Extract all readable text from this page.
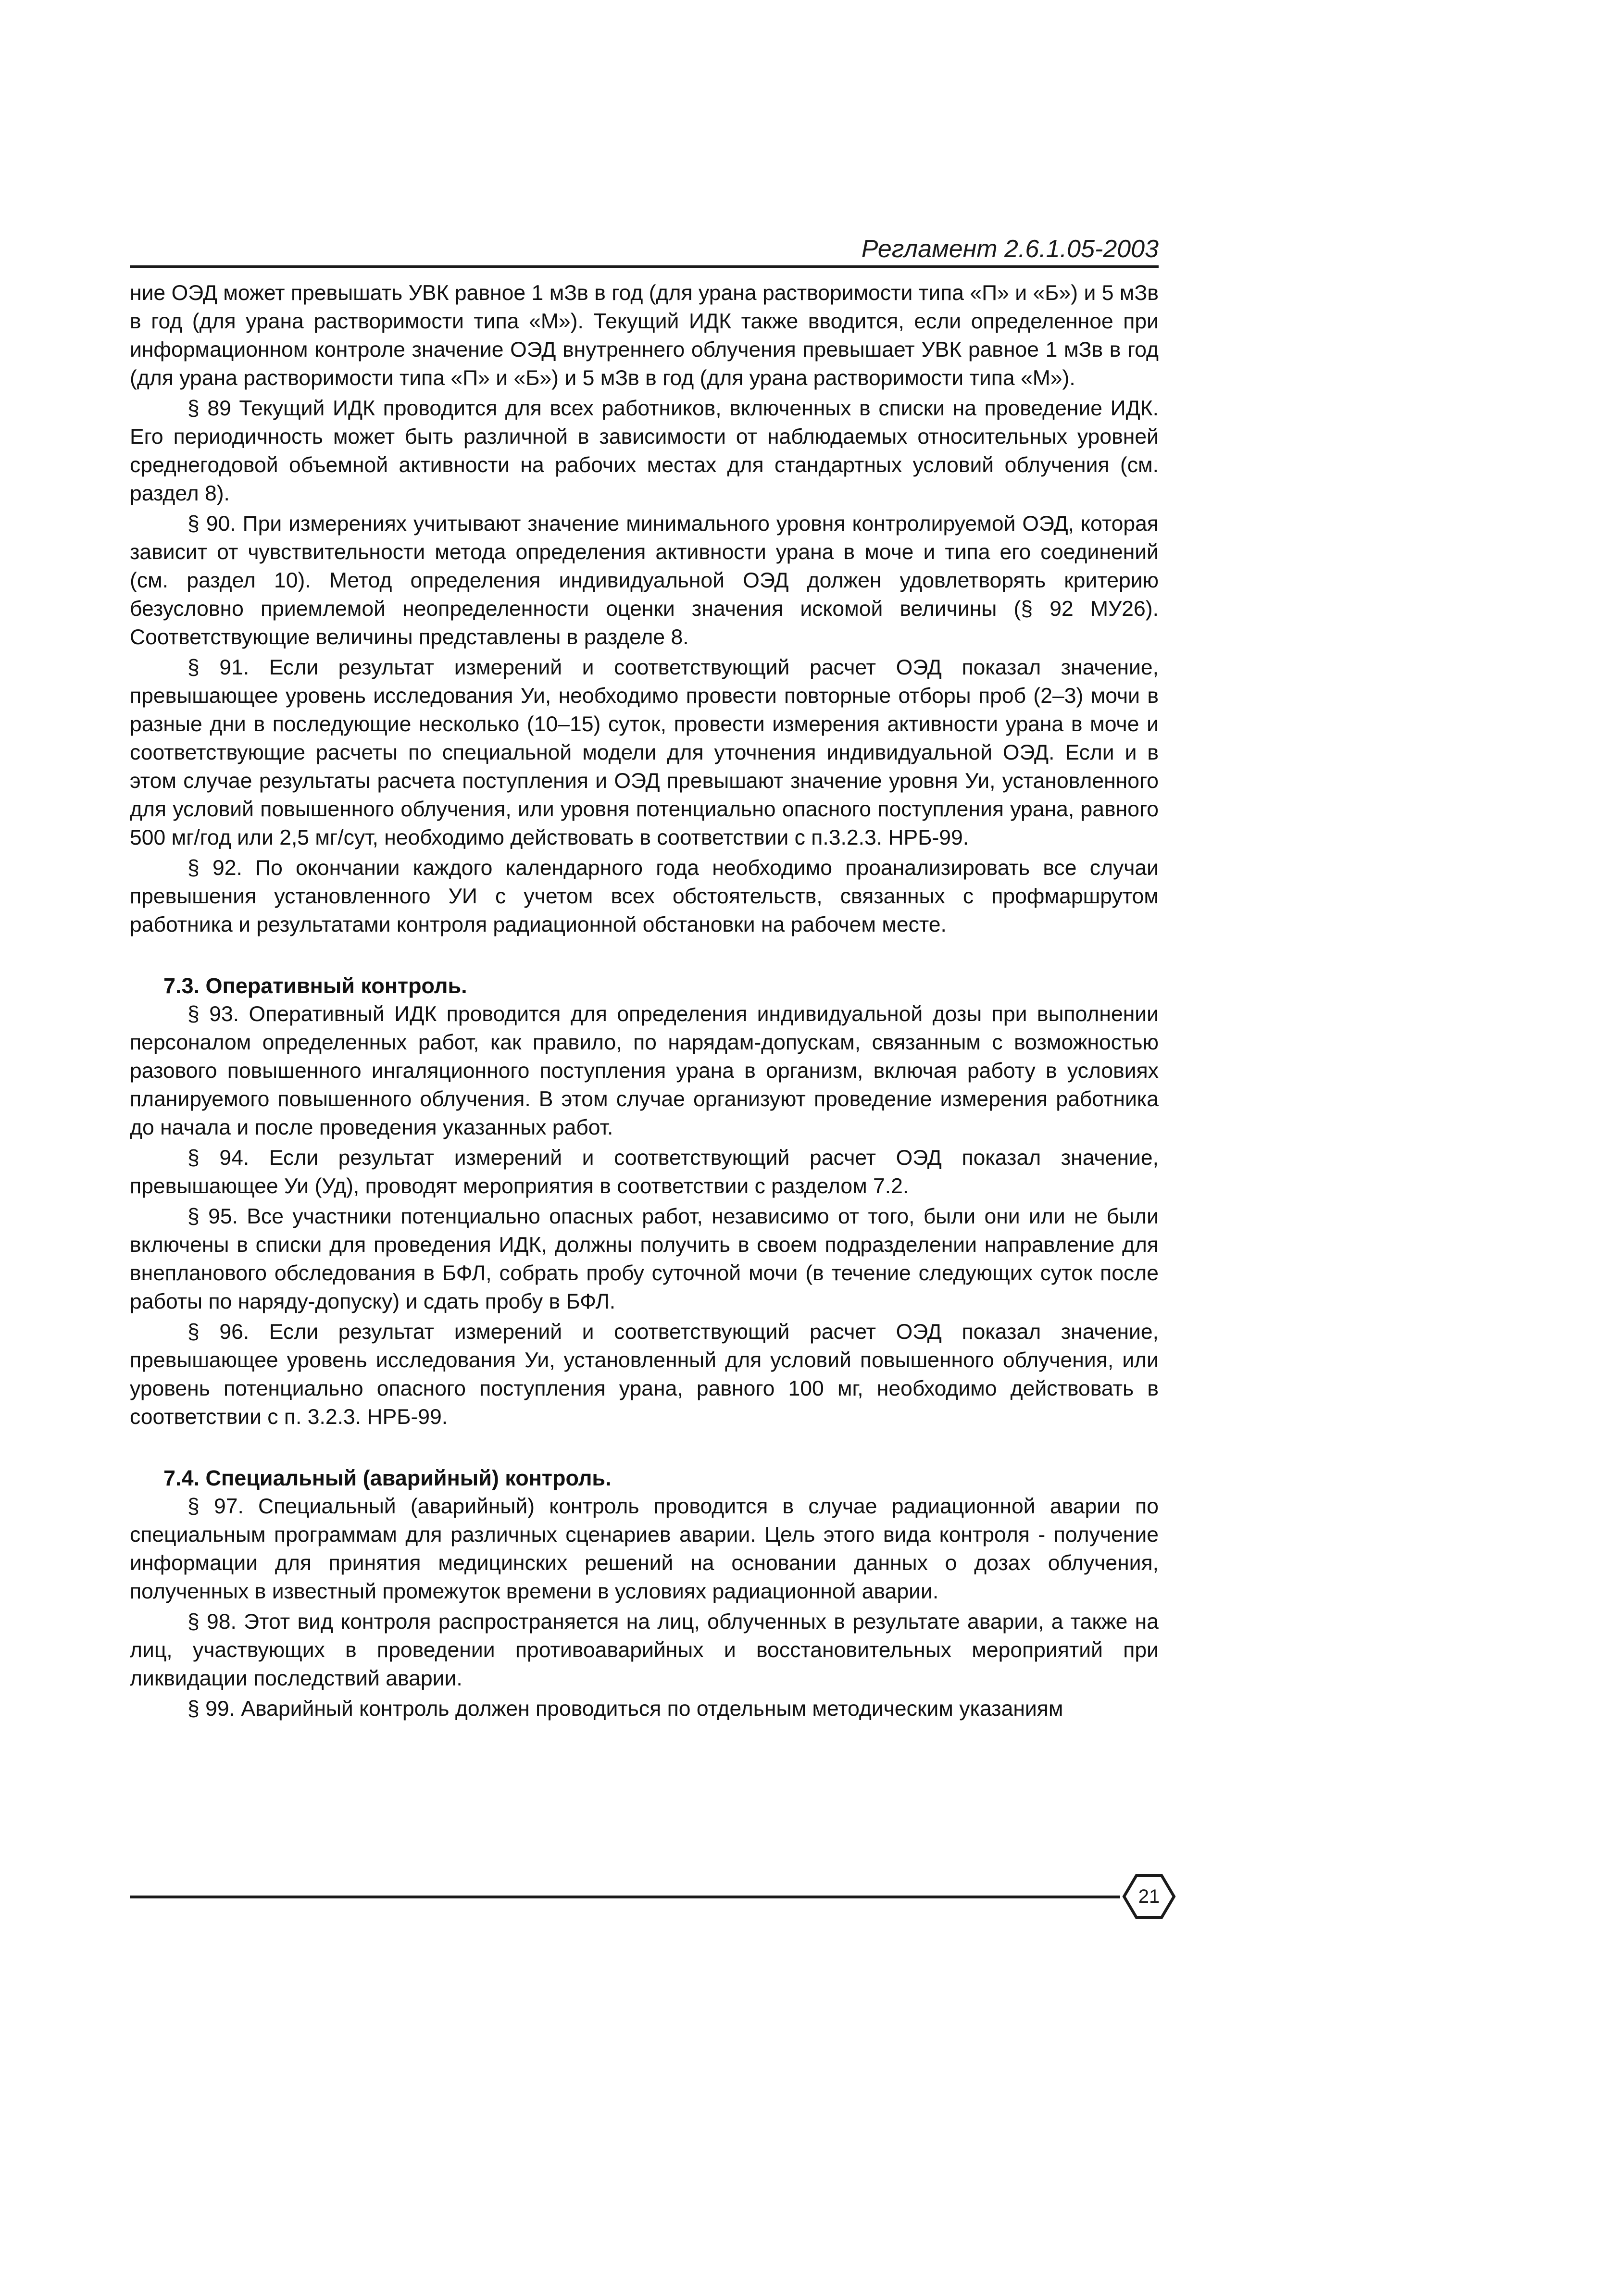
Регламент 2.6.1.05-2003

ние ОЭД может превышать УВК равное 1 мЗв в год (для урана растворимости типа «П» и «Б») и 5 мЗв в год (для урана растворимости типа «М»). Текущий ИДК также вводится, если определенное при информационном контроле значение ОЭД внутреннего облучения превышает УВК равное 1 мЗв в год (для урана растворимости типа «П» и «Б») и 5 мЗв в год (для урана растворимости типа «М»).

§ 89 Текущий ИДК проводится для всех работников, включенных в списки на проведение ИДК. Его периодичность может быть различной в зависимости от наблюдаемых относительных уровней среднегодовой объемной активности на рабочих местах для стандартных условий облучения (см. раздел 8).

§ 90. При измерениях учитывают значение минимального уровня контролируемой ОЭД, которая зависит от чувствительности метода определения активности урана в моче и типа его соединений (см. раздел 10). Метод определения индивидуальной ОЭД должен удовлетворять критерию безусловно приемлемой неопределенности оценки значения искомой величины (§ 92 МУ26). Соответствующие величины представлены в разделе 8.

§ 91. Если результат измерений и соответствующий расчет ОЭД показал значение, превышающее уровень исследования Уи, необходимо провести повторные отборы проб (2–3) мочи в разные дни в последующие несколько (10–15) суток, провести измерения активности урана в моче и соответствующие расчеты по специальной модели для уточнения индивидуальной ОЭД. Если и в этом случае результаты расчета поступления и ОЭД превышают значение уровня Уи, установленного для условий повышенного облучения, или уровня потенциально опасного поступления урана, равного 500 мг/год или 2,5 мг/сут, необходимо действовать в соответствии с п.3.2.3. НРБ-99.

§ 92. По окончании каждого календарного года необходимо проанализировать все случаи превышения установленного УИ с учетом всех обстоятельств, связанных с профмаршрутом работника и результатами контроля радиационной обстановки на рабочем месте.

7.3. Оперативный контроль.

§ 93. Оперативный ИДК проводится для определения индивидуальной дозы при выполнении персоналом определенных работ, как правило, по нарядам-допускам, связанным с возможностью разового повышенного ингаляционного поступления урана в организм, включая работу в условиях планируемого повышенного облучения. В этом случае организуют проведение измерения работника до начала и после проведения указанных работ.

§ 94. Если результат измерений и соответствующий расчет ОЭД показал значение, превышающее Уи (Уд), проводят мероприятия в соответствии с разделом 7.2.

§ 95. Все участники потенциально опасных работ, независимо от того, были они или не были включены в списки для проведения ИДК, должны получить в своем подразделении направление для внепланового обследования в БФЛ, собрать пробу суточной мочи (в течение следующих суток после работы по наряду-допуску) и сдать пробу в БФЛ.

§ 96. Если результат измерений и соответствующий расчет ОЭД показал значение, превышающее уровень исследования Уи, установленный для условий повышенного облучения, или уровень потенциально опасного поступления урана, равного 100 мг, необходимо действовать в соответствии с п. 3.2.3. НРБ-99.

7.4. Специальный (аварийный) контроль.

§ 97. Специальный (аварийный) контроль проводится в случае радиационной аварии по специальным программам для различных сценариев аварии. Цель этого вида контроля - получение информации для принятия медицинских решений на основании данных о дозах облучения, полученных в известный промежуток времени в условиях радиационной аварии.

§ 98. Этот вид контроля распространяется на лиц, облученных в результате аварии, а также на лиц, участвующих в проведении противоаварийных и восстановительных мероприятий при ликвидации последствий аварии.

§ 99. Аварийный контроль должен проводиться по отдельным методическим указаниям

21
